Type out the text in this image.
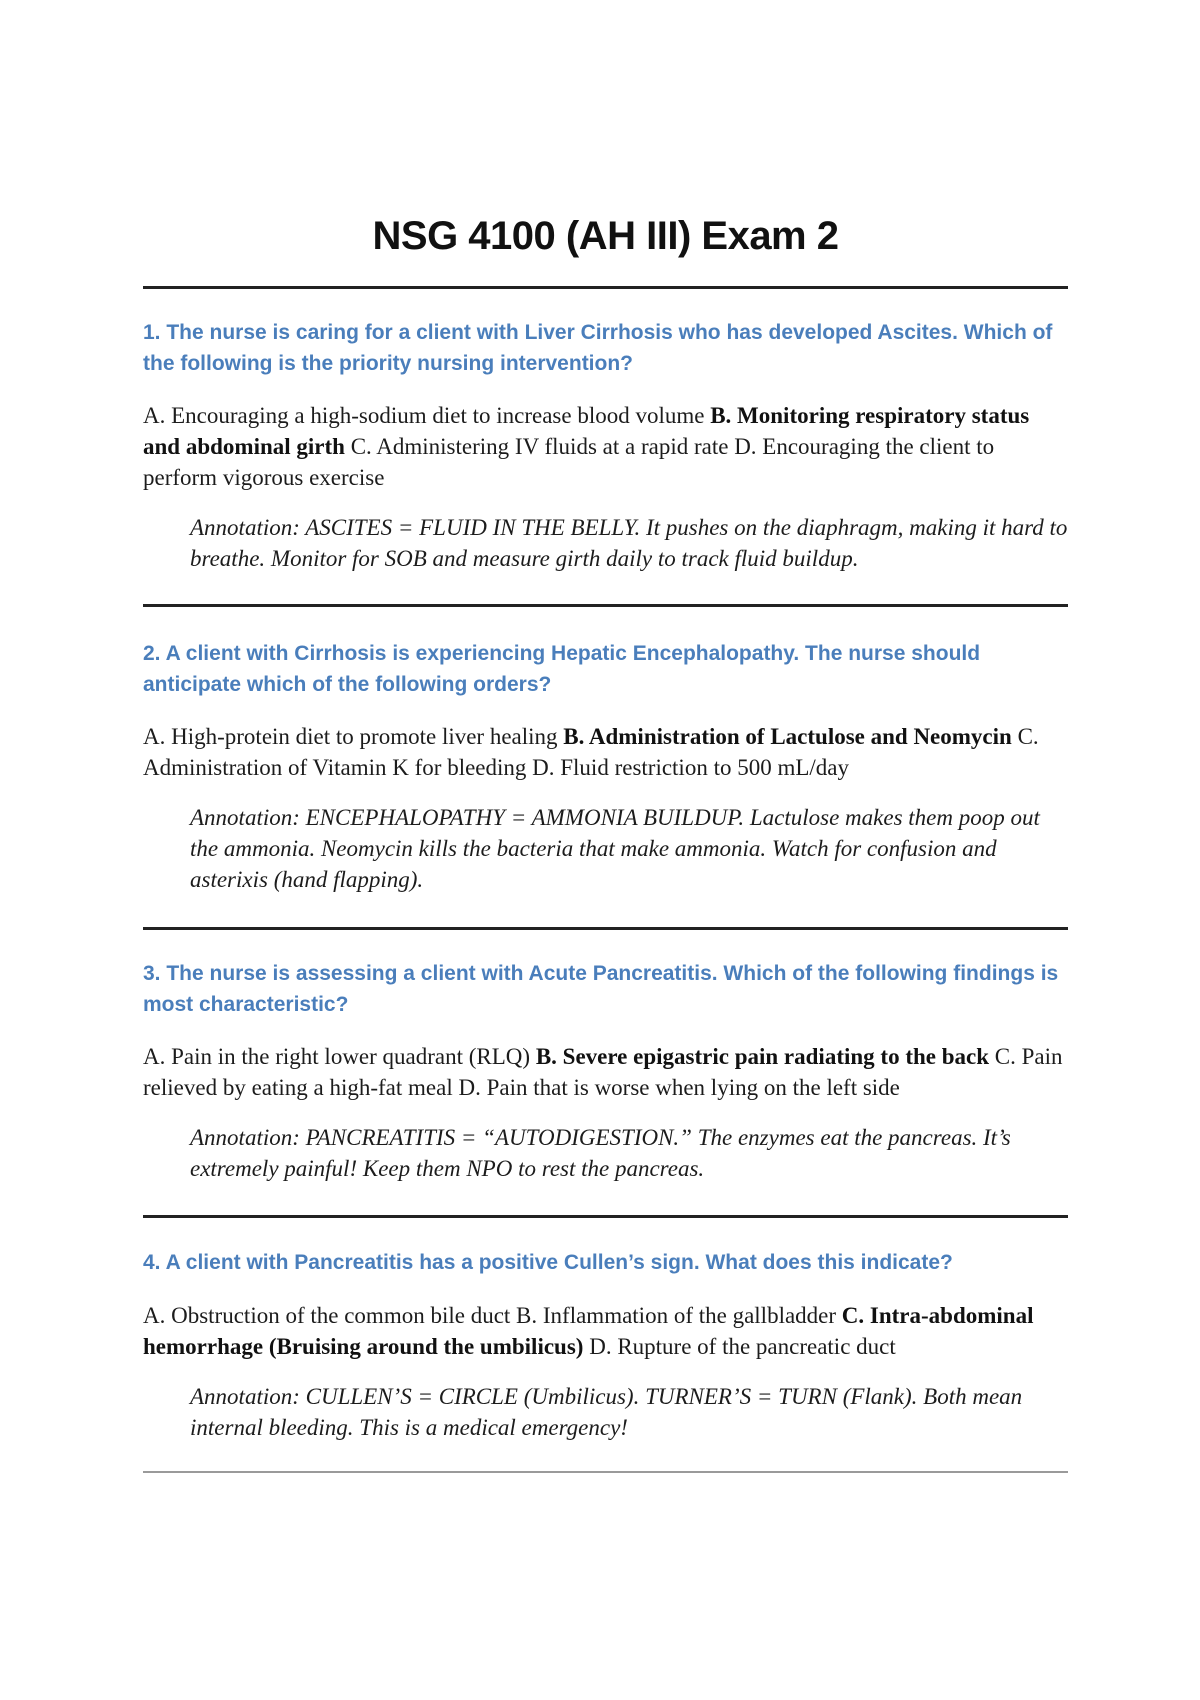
NSG 4100 (AH III) Exam 2

1. The nurse is caring for a client with Liver Cirrhosis who has developed Ascites. Which of the following is the priority nursing intervention?

A. Encouraging a high-sodium diet to increase blood volume B. Monitoring respiratory status and abdominal girth C. Administering IV fluids at a rapid rate D. Encouraging the client to perform vigorous exercise

Annotation: ASCITES = FLUID IN THE BELLY. It pushes on the diaphragm, making it hard to breathe. Monitor for SOB and measure girth daily to track fluid buildup.

2. A client with Cirrhosis is experiencing Hepatic Encephalopathy. The nurse should anticipate which of the following orders?

A. High-protein diet to promote liver healing B. Administration of Lactulose and Neomycin C. Administration of Vitamin K for bleeding D. Fluid restriction to 500 mL/day

Annotation: ENCEPHALOPATHY = AMMONIA BUILDUP. Lactulose makes them poop out the ammonia. Neomycin kills the bacteria that make ammonia. Watch for confusion and asterixis (hand flapping).

3. The nurse is assessing a client with Acute Pancreatitis. Which of the following findings is most characteristic?

A. Pain in the right lower quadrant (RLQ) B. Severe epigastric pain radiating to the back C. Pain relieved by eating a high-fat meal D. Pain that is worse when lying on the left side

Annotation: PANCREATITIS = “AUTODIGESTION.” The enzymes eat the pancreas. It’s extremely painful! Keep them NPO to rest the pancreas.

4. A client with Pancreatitis has a positive Cullen’s sign. What does this indicate?

A. Obstruction of the common bile duct B. Inflammation of the gallbladder C. Intra-abdominal hemorrhage (Bruising around the umbilicus) D. Rupture of the pancreatic duct

Annotation: CULLEN’S = CIRCLE (Umbilicus). TURNER’S = TURN (Flank). Both mean internal bleeding. This is a medical emergency!
